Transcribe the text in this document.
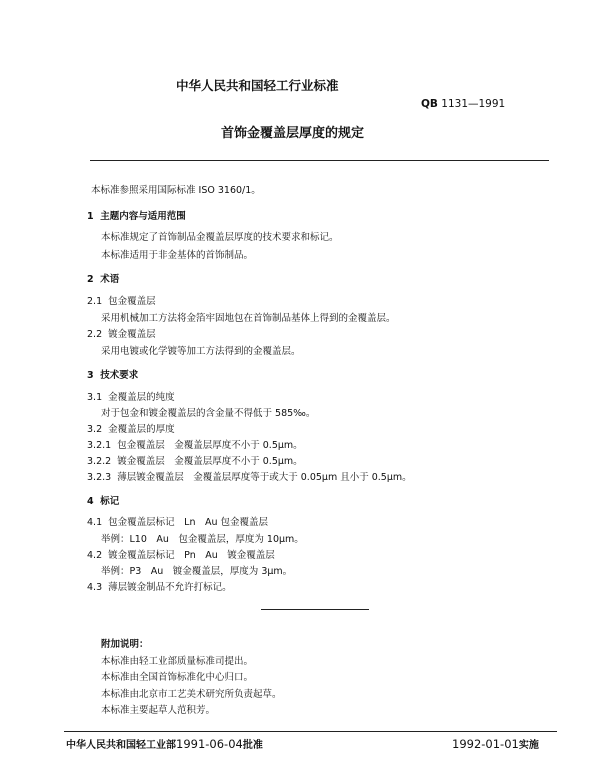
中华人民共和国轻工行业标准
QB 1131—1991
首饰金覆盖层厚度的规定
本标准参照采用国际标准 ISO 3160/1。
1 主题内容与适用范围
本标准规定了首饰制品金覆盖层厚度的技术要求和标记。
本标准适用于非金基体的首饰制品。
2 术语
2.1 包金覆盖层
采用机械加工方法将金箔牢固地包在首饰制品基体上得到的金覆盖层。
2.2 镀金覆盖层
采用电镀或化学镀等加工方法得到的金覆盖层。
3 技术要求
3.1 金覆盖层的纯度
对于包金和镀金覆盖层的含金量不得低于 585‰。
3.2 金覆盖层的厚度
3.2.1 包金覆盖层　金覆盖层厚度不小于 0.5μm。
3.2.2 镀金覆盖层　金覆盖层厚度不小于 0.5μm。
3.2.3 薄层镀金覆盖层　金覆盖层厚度等于或大于 0.05μm 且小于 0.5μm。
4 标记
4.1 包金覆盖层标记　Ln　Au 包金覆盖层
举例：L10　Au　包金覆盖层，厚度为 10μm。
4.2 镀金覆盖层标记　Pn　Au　镀金覆盖层
举例：P3　Au　镀金覆盖层，厚度为 3μm。
4.3 薄层镀金制品不允许打标记。
附加说明：
本标准由轻工业部质量标准司提出。
本标准由全国首饰标准化中心归口。
本标准由北京市工艺美术研究所负责起草。
本标准主要起草人范积芳。
中华人民共和国轻工业部1991-06-04批准	1992-01-01实施
